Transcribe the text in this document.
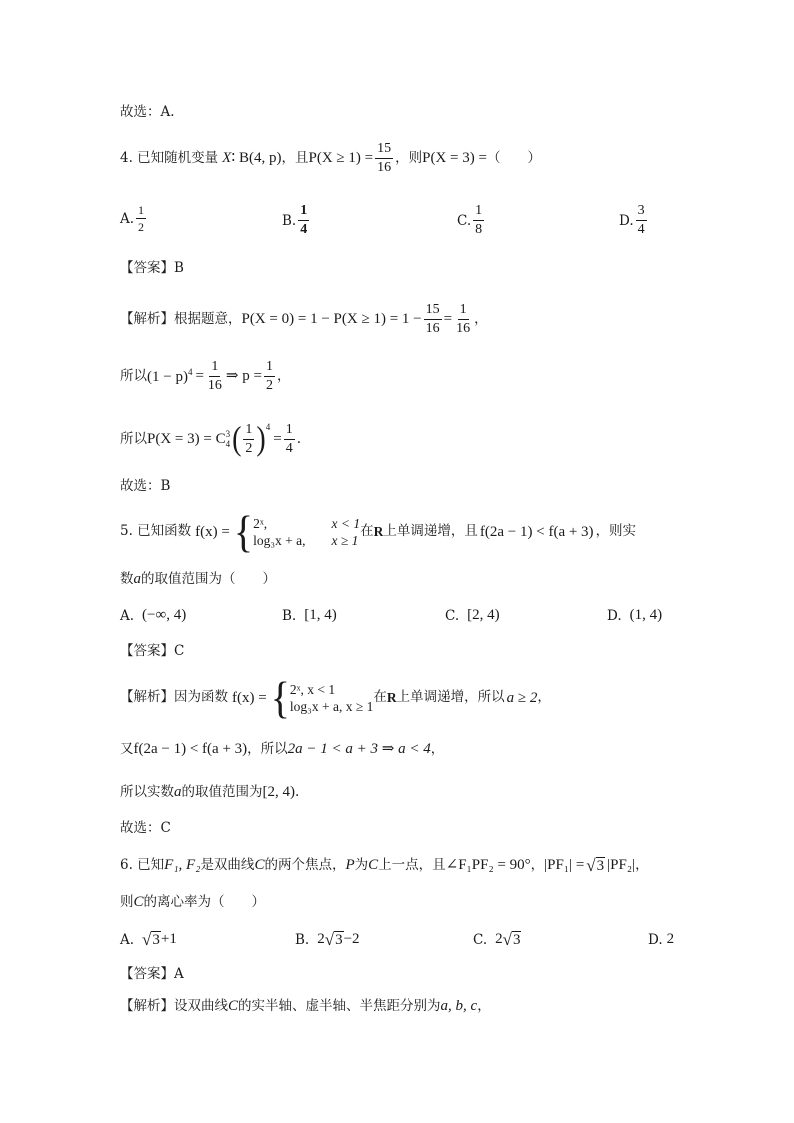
故选：A.
4. 已知随机变量 X∶ B(4, p) ，且 $P(X \ge 1) = \frac{15}{16}$ ，则 P(X = 3) = （　　）
A. $\frac{1}{2}$	B. $\frac{1}{4}$	C. $\frac{1}{8}$	D. $\frac{3}{4}$
【答案】B
【解析】 根据题意， $P(X = 0) = 1 - P(X \ge 1) = 1 - \frac{15}{16} = \frac{1}{16}$ ，
所以 $(1 - p)^4 = \frac{1}{16}$ ⇒ $p = \frac{1}{2}$ ，
所以 P(X = 3) = C 3
4 ( $\frac{1}{2} )^4$
= $\frac{1}{4}$ .
故选：B
5. 已知函数 f(x) = { 2ˣ,	x < 1
log₃x + a, x ≥ 1
在 R 上单调递增，且 f(2a − 1) < f(a + 3) ，则实
数 a 的取值范围为（　　）
A. (−∞, 4)	B. [1, 4)	C. [2, 4)	D. (1, 4)
【答案】C
【解析】 因为函数 f(x) = { 2ˣ, x < 1
log₃x + a, x ≥ 1
在 R 上单调递增，所以 a ≥ 2 ，
又 f(2a − 1) < f(a + 3) ，所以 2a − 1 < a + 3 ⇒ a < 4 ，
所以实数 a 的取值范围为 [2, 4) .
故选：C
6. 已知 F₁, F₂ 是双曲线 C 的两个焦点， P 为 C 上一点，且 ∠F₁PF₂ = 90° ， |PF₁| = √ 3 |PF₂| ，
则 C 的离心率为（　　）
A. √ 3 +1	B. 2 √ 3 −2	C. 2 √ 3	D. 2
【答案】A
【解析】 设双曲线 C 的实半轴、虚半轴、半焦距分别为 a, b, c ，
